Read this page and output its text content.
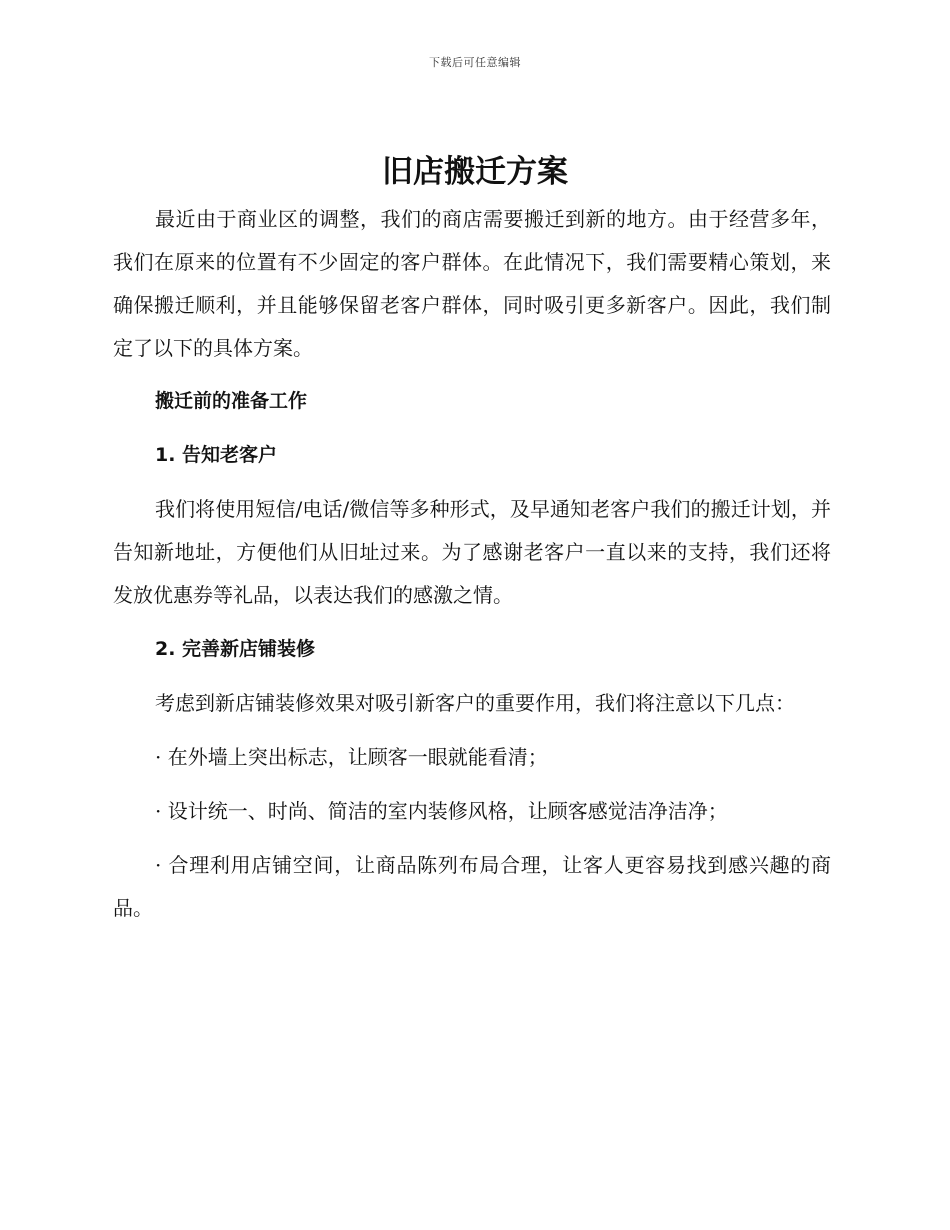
下载后可任意编辑
旧店搬迁方案

最近由于商业区的调整，我们的商店需要搬迁到新的地方。由于经营多年，我们在原来的位置有不少固定的客户群体。在此情况下，我们需要精心策划，来确保搬迁顺利，并且能够保留老客户群体，同时吸引更多新客户。因此，我们制定了以下的具体方案。

搬迁前的准备工作

1. 告知老客户

我们将使用短信/电话/微信等多种形式，及早通知老客户我们的搬迁计划，并告知新地址，方便他们从旧址过来。为了感谢老客户一直以来的支持，我们还将发放优惠券等礼品，以表达我们的感激之情。

2. 完善新店铺装修

考虑到新店铺装修效果对吸引新客户的重要作用，我们将注意以下几点：

· 在外墙上突出标志，让顾客一眼就能看清；

· 设计统一、时尚、简洁的室内装修风格，让顾客感觉洁净洁净；

· 合理利用店铺空间，让商品陈列布局合理，让客人更容易找到感兴趣的商品。
